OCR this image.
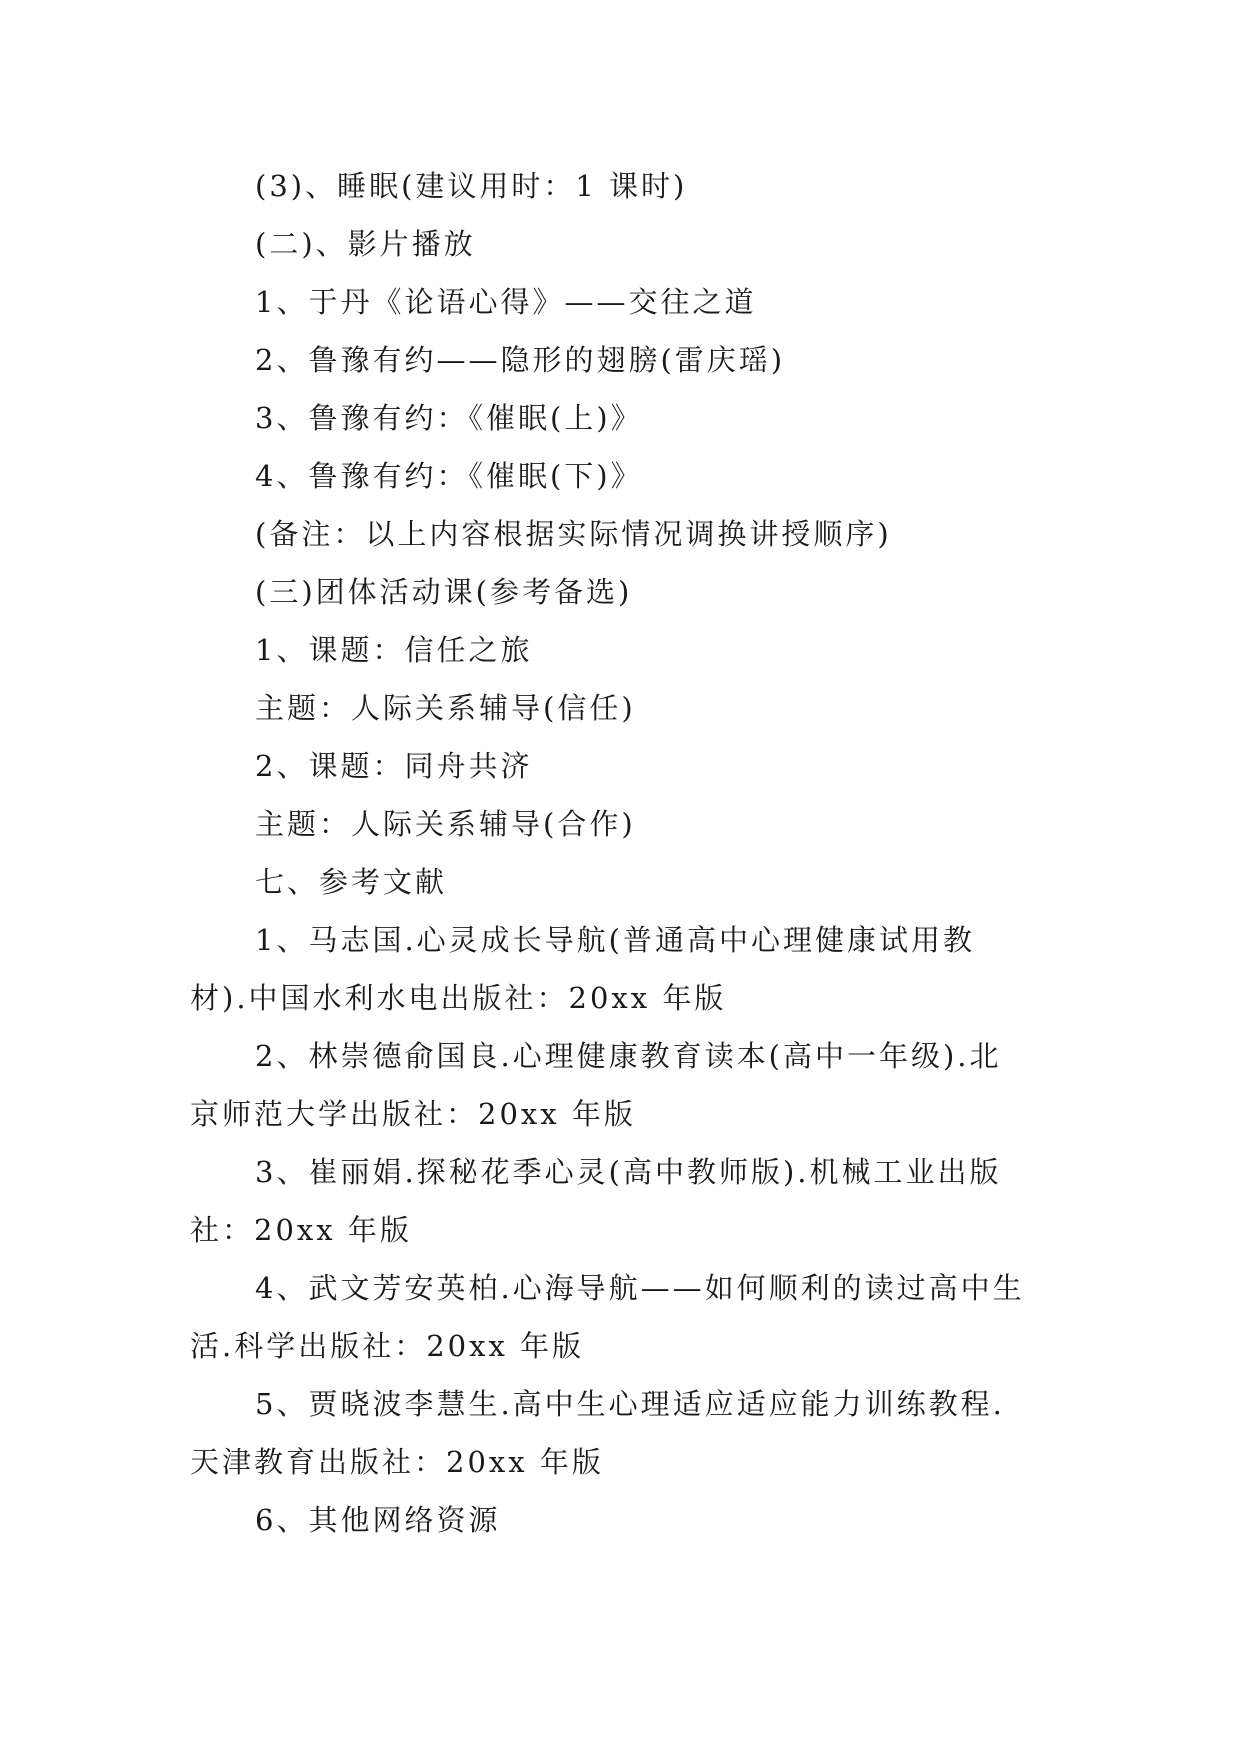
(3)、睡眠(建议用时：1 课时)
(二)、影片播放
1、于丹《论语心得》——交往之道
2、鲁豫有约——隐形的翅膀(雷庆瑶)
3、鲁豫有约：《催眠(上)》
4、鲁豫有约：《催眠(下)》
(备注：以上内容根据实际情况调换讲授顺序)
(三)团体活动课(参考备选)
1、课题：信任之旅
主题：人际关系辅导(信任)
2、课题：同舟共济
主题：人际关系辅导(合作)
七、参考文献
1、马志国.心灵成长导航(普通高中心理健康试用教
材).中国水利水电出版社：20xx 年版
2、林崇德俞国良.心理健康教育读本(高中一年级).北
京师范大学出版社：20xx 年版
3、崔丽娟.探秘花季心灵(高中教师版).机械工业出版
社：20xx 年版
4、武文芳安英柏.心海导航——如何顺利的读过高中生
活.科学出版社：20xx 年版
5、贾晓波李慧生.高中生心理适应适应能力训练教程.
天津教育出版社：20xx 年版
6、其他网络资源
